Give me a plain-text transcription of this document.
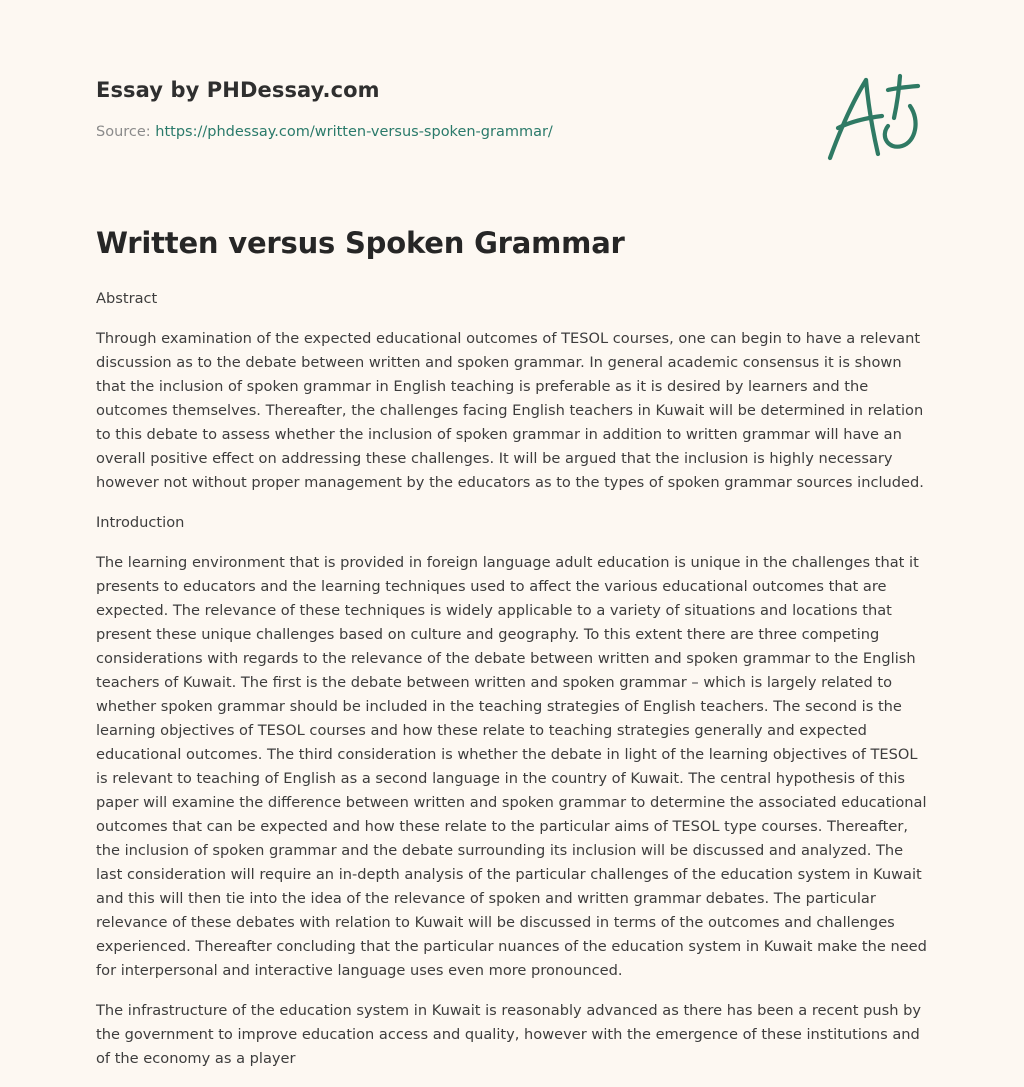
Essay by PHDessay.com
Source: https://phdessay.com/written-versus-spoken-grammar/
Written versus Spoken Grammar

Abstract

Through examination of the expected educational outcomes of TESOL courses, one can begin to have a relevant discussion as to the debate between written and spoken grammar. In general academic consensus it is shown that the inclusion of spoken grammar in English teaching is preferable as it is desired by learners and the outcomes themselves. Thereafter, the challenges facing English teachers in Kuwait will be determined in relation to this debate to assess whether the inclusion of spoken grammar in addition to written grammar will have an overall positive effect on addressing these challenges. It will be argued that the inclusion is highly necessary however not without proper management by the educators as to the types of spoken grammar sources included.

Introduction

The learning environment that is provided in foreign language adult education is unique in the challenges that it presents to educators and the learning techniques used to affect the various educational outcomes that are expected. The relevance of these techniques is widely applicable to a variety of situations and locations that present these unique challenges based on culture and geography. To this extent there are three competing considerations with regards to the relevance of the debate between written and spoken grammar to the English teachers of Kuwait. The first is the debate between written and spoken grammar – which is largely related to whether spoken grammar should be included in the teaching strategies of English teachers. The second is the learning objectives of TESOL courses and how these relate to teaching strategies generally and expected educational outcomes. The third consideration is whether the debate in light of the learning objectives of TESOL is relevant to teaching of English as a second language in the country of Kuwait. The central hypothesis of this paper will examine the difference between written and spoken grammar to determine the associated educational outcomes that can be expected and how these relate to the particular aims of TESOL type courses. Thereafter, the inclusion of spoken grammar and the debate surrounding its inclusion will be discussed and analyzed. The last consideration will require an in-depth analysis of the particular challenges of the education system in Kuwait and this will then tie into the idea of the relevance of spoken and written grammar debates. The particular relevance of these debates with relation to Kuwait will be discussed in terms of the outcomes and challenges experienced. Thereafter concluding that the particular nuances of the education system in Kuwait make the need for interpersonal and interactive language uses even more pronounced.

The infrastructure of the education system in Kuwait is reasonably advanced as there has been a recent push by the government to improve education access and quality, however with the emergence of these institutions and of the economy as a player
